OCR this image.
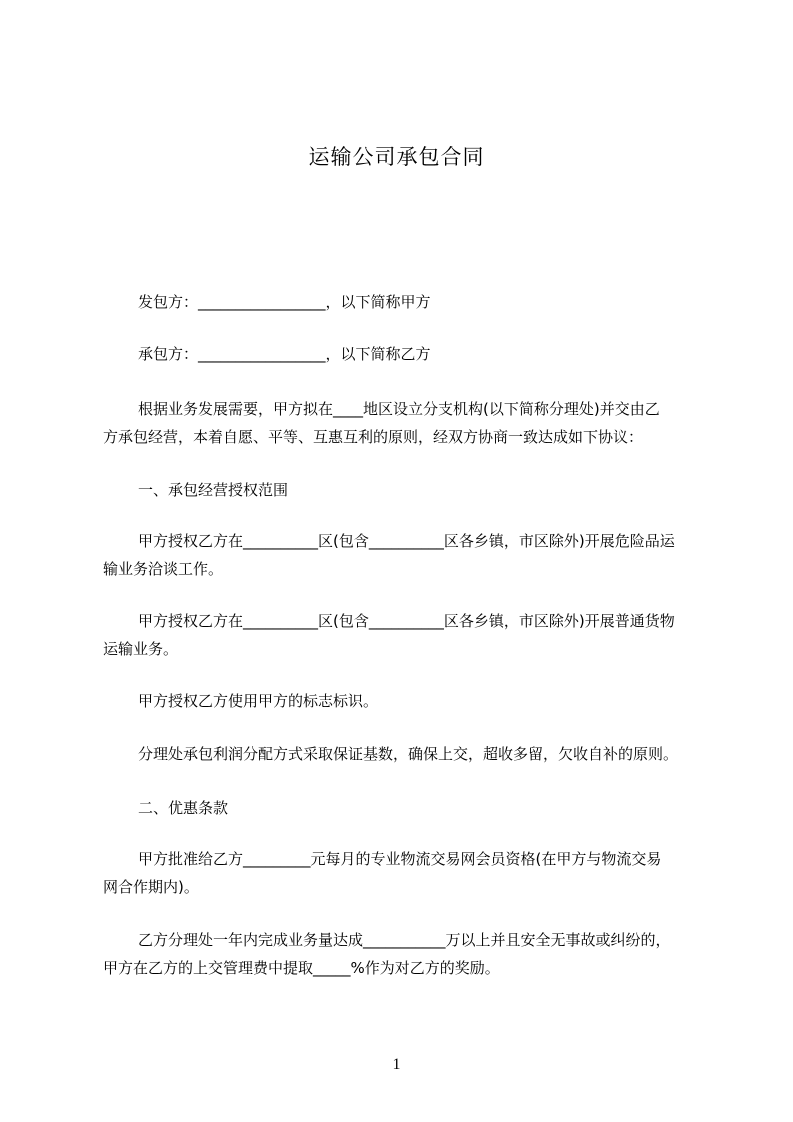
运输公司承包合同
发包方：_________________，以下简称甲方
承包方：_________________，以下简称乙方
根据业务发展需要，甲方拟在____地区设立分支机构(以下简称分理处)并交由乙
方承包经营，本着自愿、平等、互惠互利的原则，经双方协商一致达成如下协议：
一、承包经营授权范围
甲方授权乙方在__________区(包含__________区各乡镇，市区除外)开展危险品运
输业务洽谈工作。
甲方授权乙方在__________区(包含__________区各乡镇，市区除外)开展普通货物
运输业务。
甲方授权乙方使用甲方的标志标识。
分理处承包利润分配方式采取保证基数，确保上交，超收多留，欠收自补的原则。
二、优惠条款
甲方批准给乙方_________元每月的专业物流交易网会员资格(在甲方与物流交易
网合作期内)。
乙方分理处一年内完成业务量达成___________万以上并且安全无事故或纠纷的，
甲方在乙方的上交管理费中提取_____%作为对乙方的奖励。
1
